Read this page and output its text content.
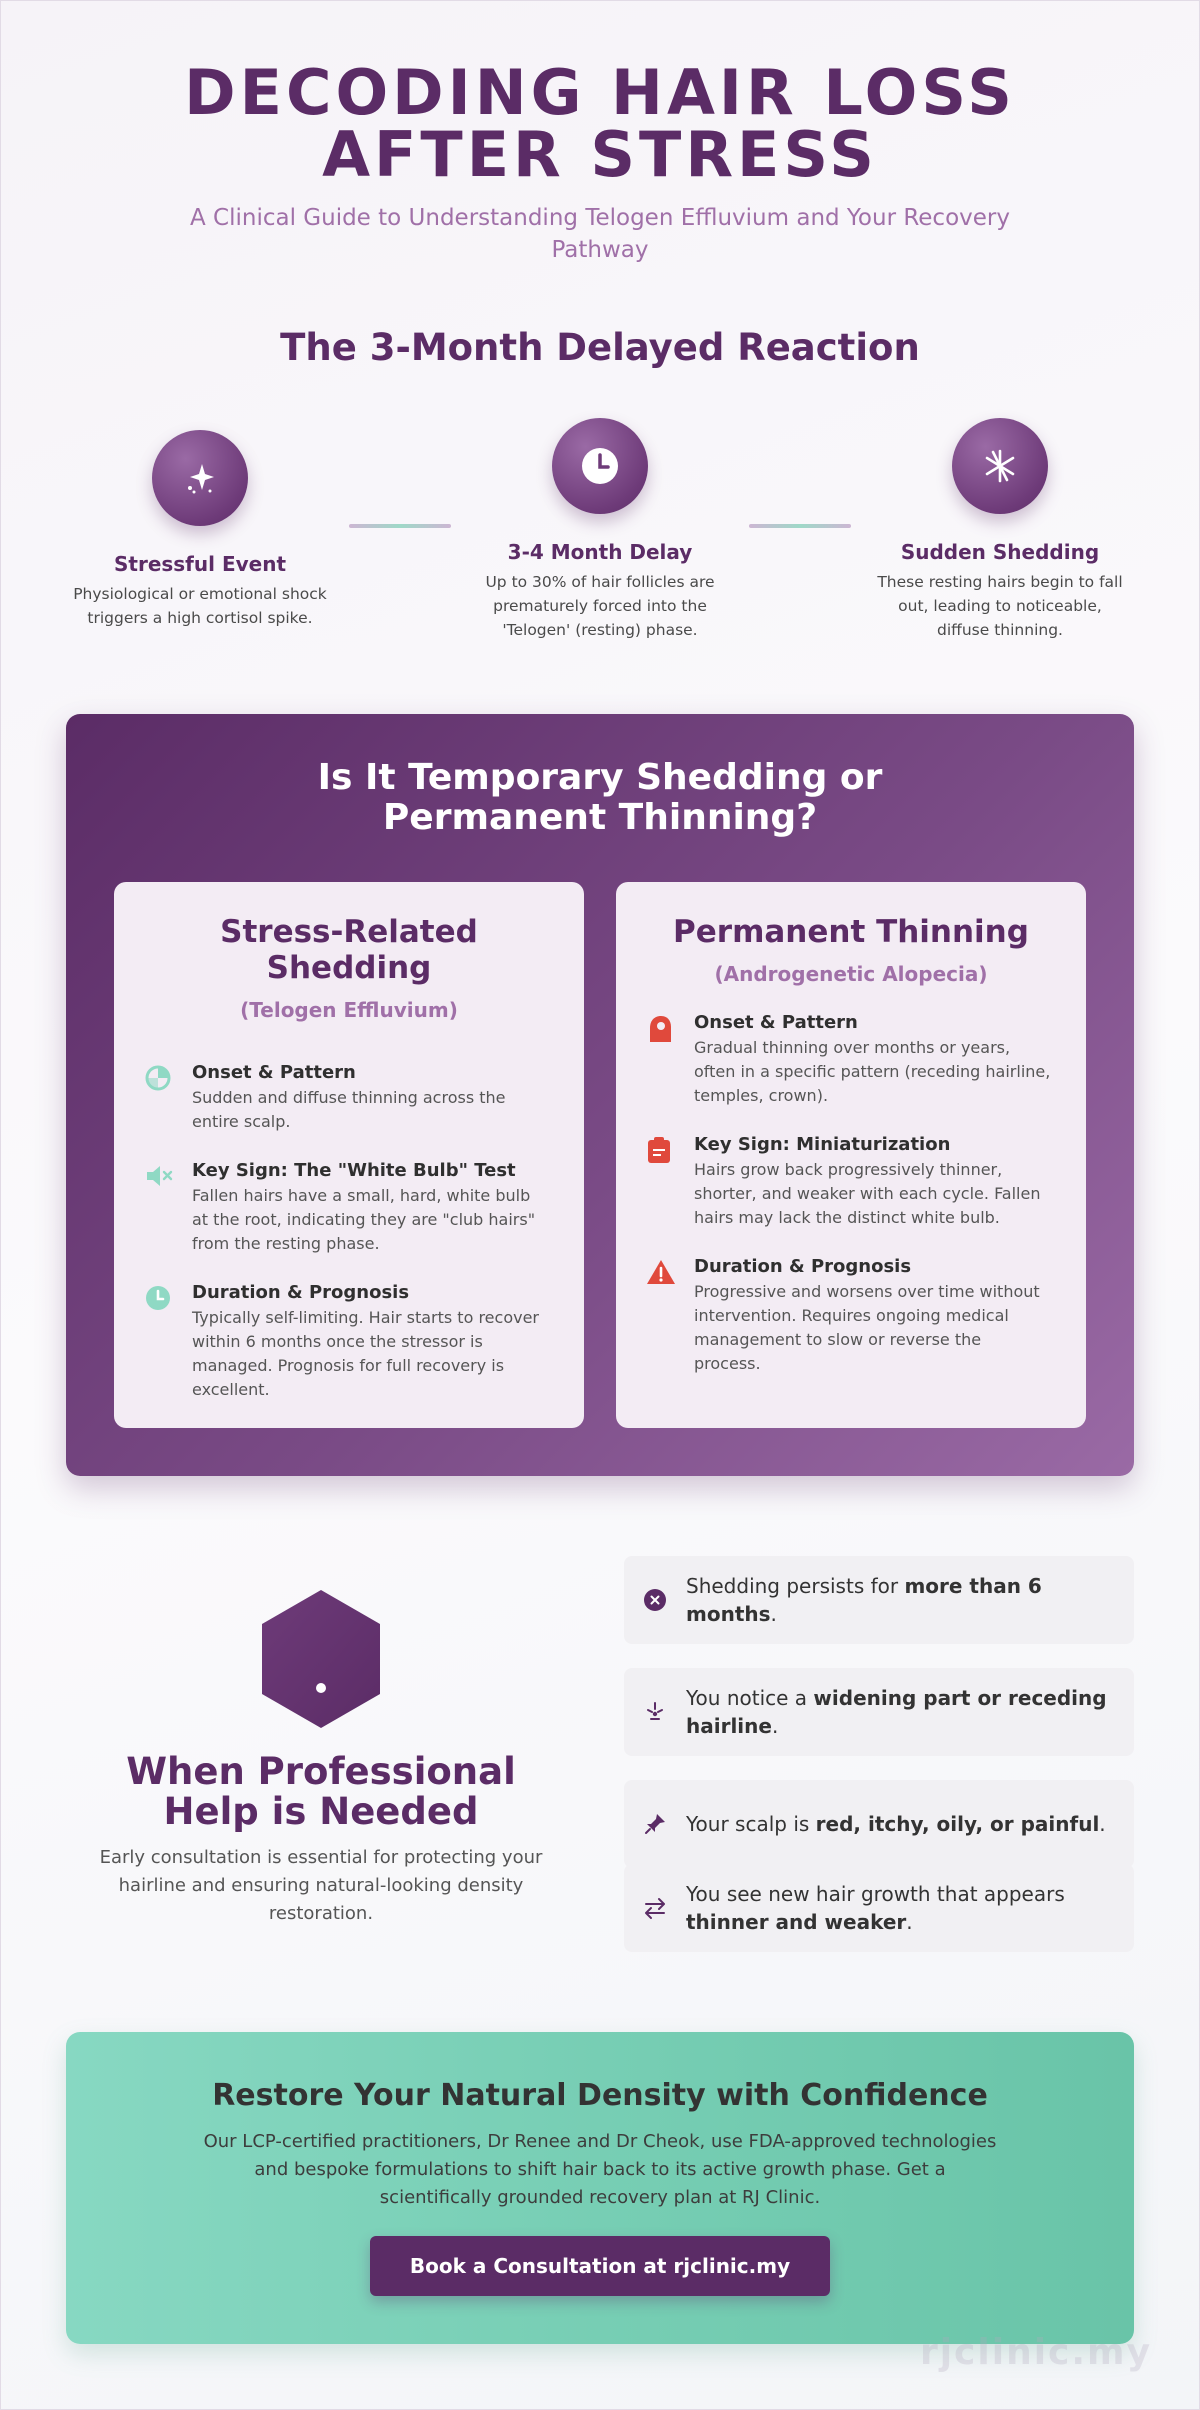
DECODING HAIR LOSS AFTER STRESS

A Clinical Guide to Understanding Telogen Effluvium and Your Recovery Pathway

The 3-Month Delayed Reaction
Stressful Event
Physiological or emotional shock triggers a high cortisol spike.
3-4 Month Delay
Up to 30% of hair follicles are prematurely forced into the 'Telogen' (resting) phase.
Sudden Shedding
These resting hairs begin to fall out, leading to noticeable, diffuse thinning.
Is It Temporary Shedding or Permanent Thinning?
Stress-Related Shedding
(Telogen Effluvium)
Onset & Pattern
Sudden and diffuse thinning across the entire scalp.
Key Sign: The "White Bulb" Test
Fallen hairs have a small, hard, white bulb at the root, indicating they are "club hairs" from the resting phase.
Duration & Prognosis
Typically self-limiting. Hair starts to recover within 6 months once the stressor is managed. Prognosis for full recovery is excellent.
Permanent Thinning
(Androgenetic Alopecia)
Onset & Pattern
Gradual thinning over months or years, often in a specific pattern (receding hairline, temples, crown).
Key Sign: Miniaturization
Hairs grow back progressively thinner, shorter, and weaker with each cycle. Fallen hairs may lack the distinct white bulb.
Duration & Prognosis
Progressive and worsens over time without intervention. Requires ongoing medical management to slow or reverse the process.
When Professional Help is Needed

Early consultation is essential for protecting your hairline and ensuring natural-looking density restoration.

Shedding persists for more than 6 months.
You notice a widening part or receding hairline.
Your scalp is red, itchy, oily, or painful.
You see new hair growth that appears thinner and weaker.
Restore Your Natural Density with Confidence

Our LCP-certified practitioners, Dr Renee and Dr Cheok, use FDA-approved technologies and bespoke formulations to shift hair back to its active growth phase. Get a scientifically grounded recovery plan at RJ Clinic.

Book a Consultation at rjclinic.my
rjclinic.my
